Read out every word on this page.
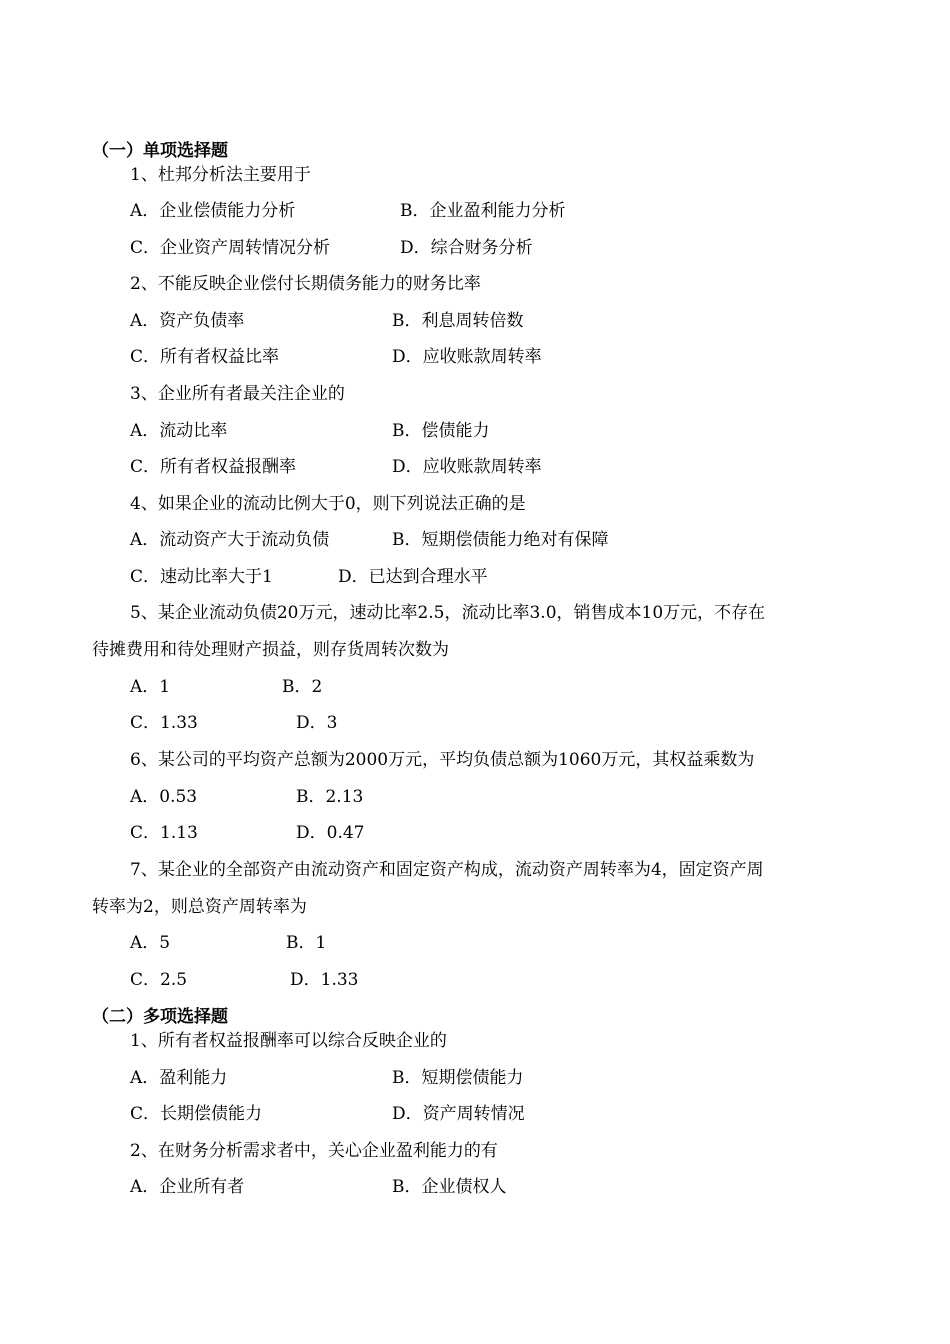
（一）单项选择题
1、杜邦分析法主要用于
A．企业偿债能力分析	B．企业盈利能力分析
C．企业资产周转情况分析	D．综合财务分析
2、不能反映企业偿付长期债务能力的财务比率
A．资产负债率	B．利息周转倍数
C．所有者权益比率	D．应收账款周转率
3、企业所有者最关注企业的
A．流动比率	B．偿债能力
C．所有者权益报酬率	D．应收账款周转率
4、如果企业的流动比例大于0，则下列说法正确的是
A．流动资产大于流动负债	B．短期偿债能力绝对有保障
C．速动比率大于1	D．已达到合理水平
5、某企业流动负债20万元，速动比率2.5，流动比率3.0，销售成本10万元，不存在
待摊费用和待处理财产损益，则存货周转次数为
A．1	B．2
C．1.33	D．3
6、某公司的平均资产总额为2000万元，平均负债总额为1060万元，其权益乘数为
A．0.53	B．2.13
C．1.13	D．0.47
7、某企业的全部资产由流动资产和固定资产构成，流动资产周转率为4，固定资产周
转率为2，则总资产周转率为
A．5	B．1
C．2.5	D．1.33
（二）多项选择题
1、所有者权益报酬率可以综合反映企业的
A．盈利能力	B．短期偿债能力
C．长期偿债能力	D．资产周转情况
2、在财务分析需求者中，关心企业盈利能力的有
A．企业所有者	B．企业债权人
